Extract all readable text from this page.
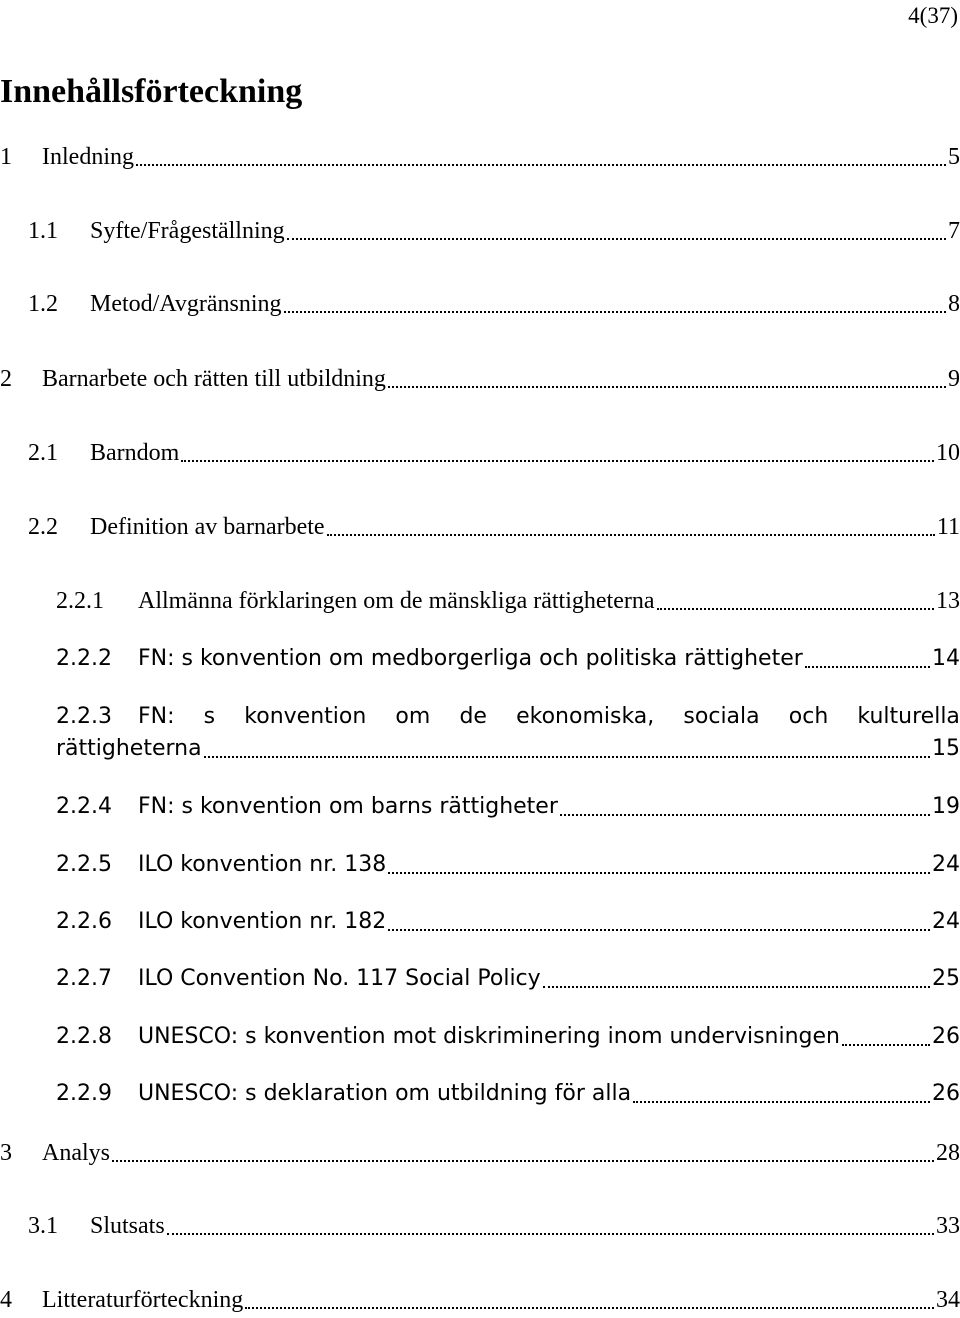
4(37)
Innehållsförteckning
1 Inledning	5
1.1 Syfte/Frågeställning	7
1.2 Metod/Avgränsning	8
2 Barnarbete och rätten till utbildning	9
2.1 Barndom	10
2.2 Definition av barnarbete	11
2.2.1 Allmänna förklaringen om de mänskliga rättigheterna	13
2.2.2 FN: s konvention om medborgerliga och politiska rättigheter	14
2.2.3 FN: s konvention om de ekonomiska, sociala och kulturella
rättigheterna	15
2.2.4 FN: s konvention om barns rättigheter	19
2.2.5 ILO konvention nr. 138	24
2.2.6 ILO konvention nr. 182	24
2.2.7 ILO Convention No. 117 Social Policy	25
2.2.8 UNESCO: s konvention mot diskriminering inom undervisningen	26
2.2.9 UNESCO: s deklaration om utbildning för alla	26
3 Analys	28
3.1 Slutsats	33
4 Litteraturförteckning	34
